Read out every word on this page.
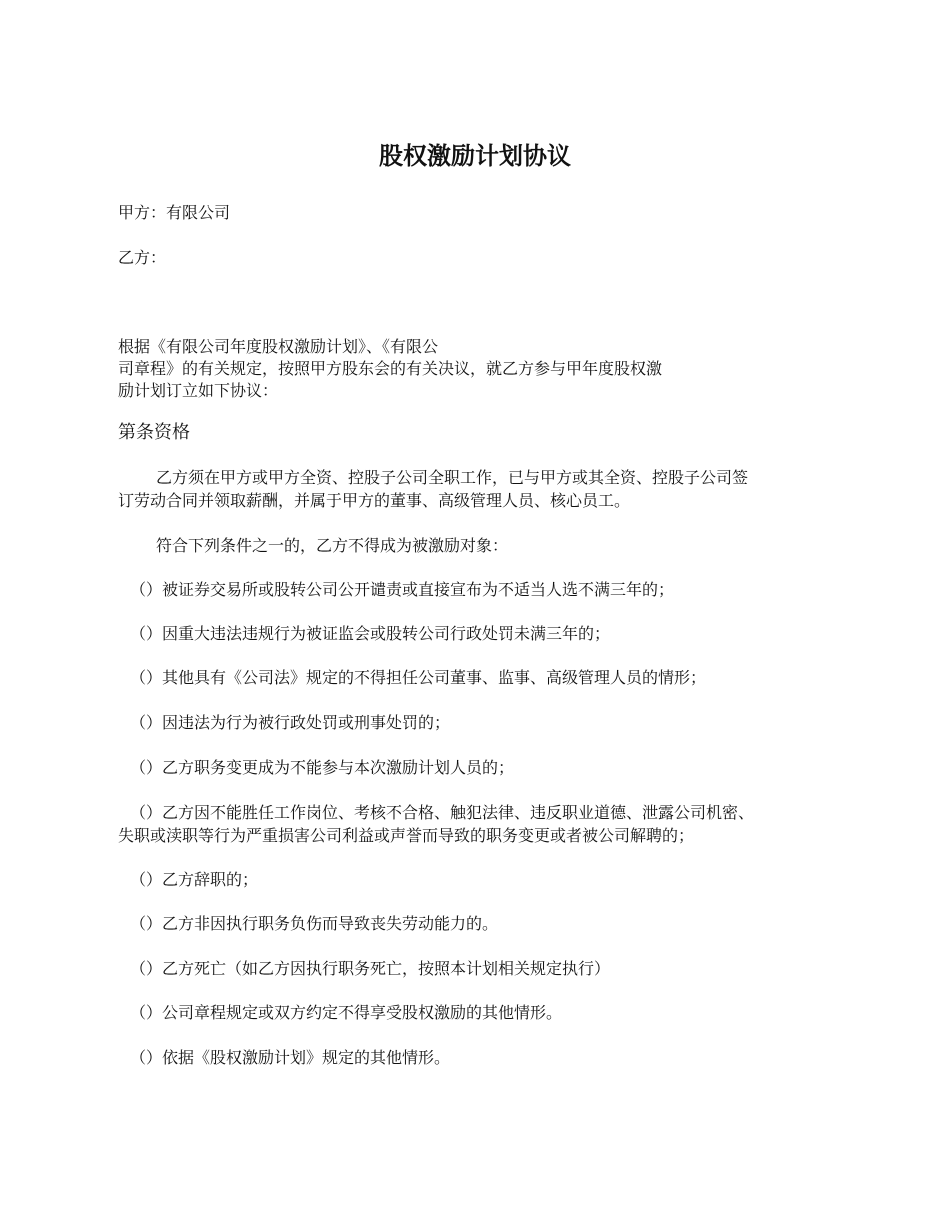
股权激励计划协议

甲方：有限公司

乙方：

根据《有限公司年度股权激励计划》、《有限公

司章程》的有关规定，按照甲方股东会的有关决议，就乙方参与甲年度股权激

励计划订立如下协议：

第条资格

乙方须在甲方或甲方全资、控股子公司全职工作，已与甲方或其全资、控股子公司签

订劳动合同并领取薪酬，并属于甲方的董事、高级管理人员、核心员工。

符合下列条件之一的，乙方不得成为被激励对象：

（）被证券交易所或股转公司公开谴责或直接宣布为不适当人选不满三年的；

（）因重大违法违规行为被证监会或股转公司行政处罚未满三年的；

（）其他具有《公司法》规定的不得担任公司董事、监事、高级管理人员的情形；

（）因违法为行为被行政处罚或刑事处罚的；

（）乙方职务变更成为不能参与本次激励计划人员的；

（）乙方因不能胜任工作岗位、考核不合格、触犯法律、违反职业道德、泄露公司机密、

失职或渎职等行为严重损害公司利益或声誉而导致的职务变更或者被公司解聘的；

（）乙方辞职的；

（）乙方非因执行职务负伤而导致丧失劳动能力的。

（）乙方死亡（如乙方因执行职务死亡，按照本计划相关规定执行）

（）公司章程规定或双方约定不得享受股权激励的其他情形。

（）依据《股权激励计划》规定的其他情形。
